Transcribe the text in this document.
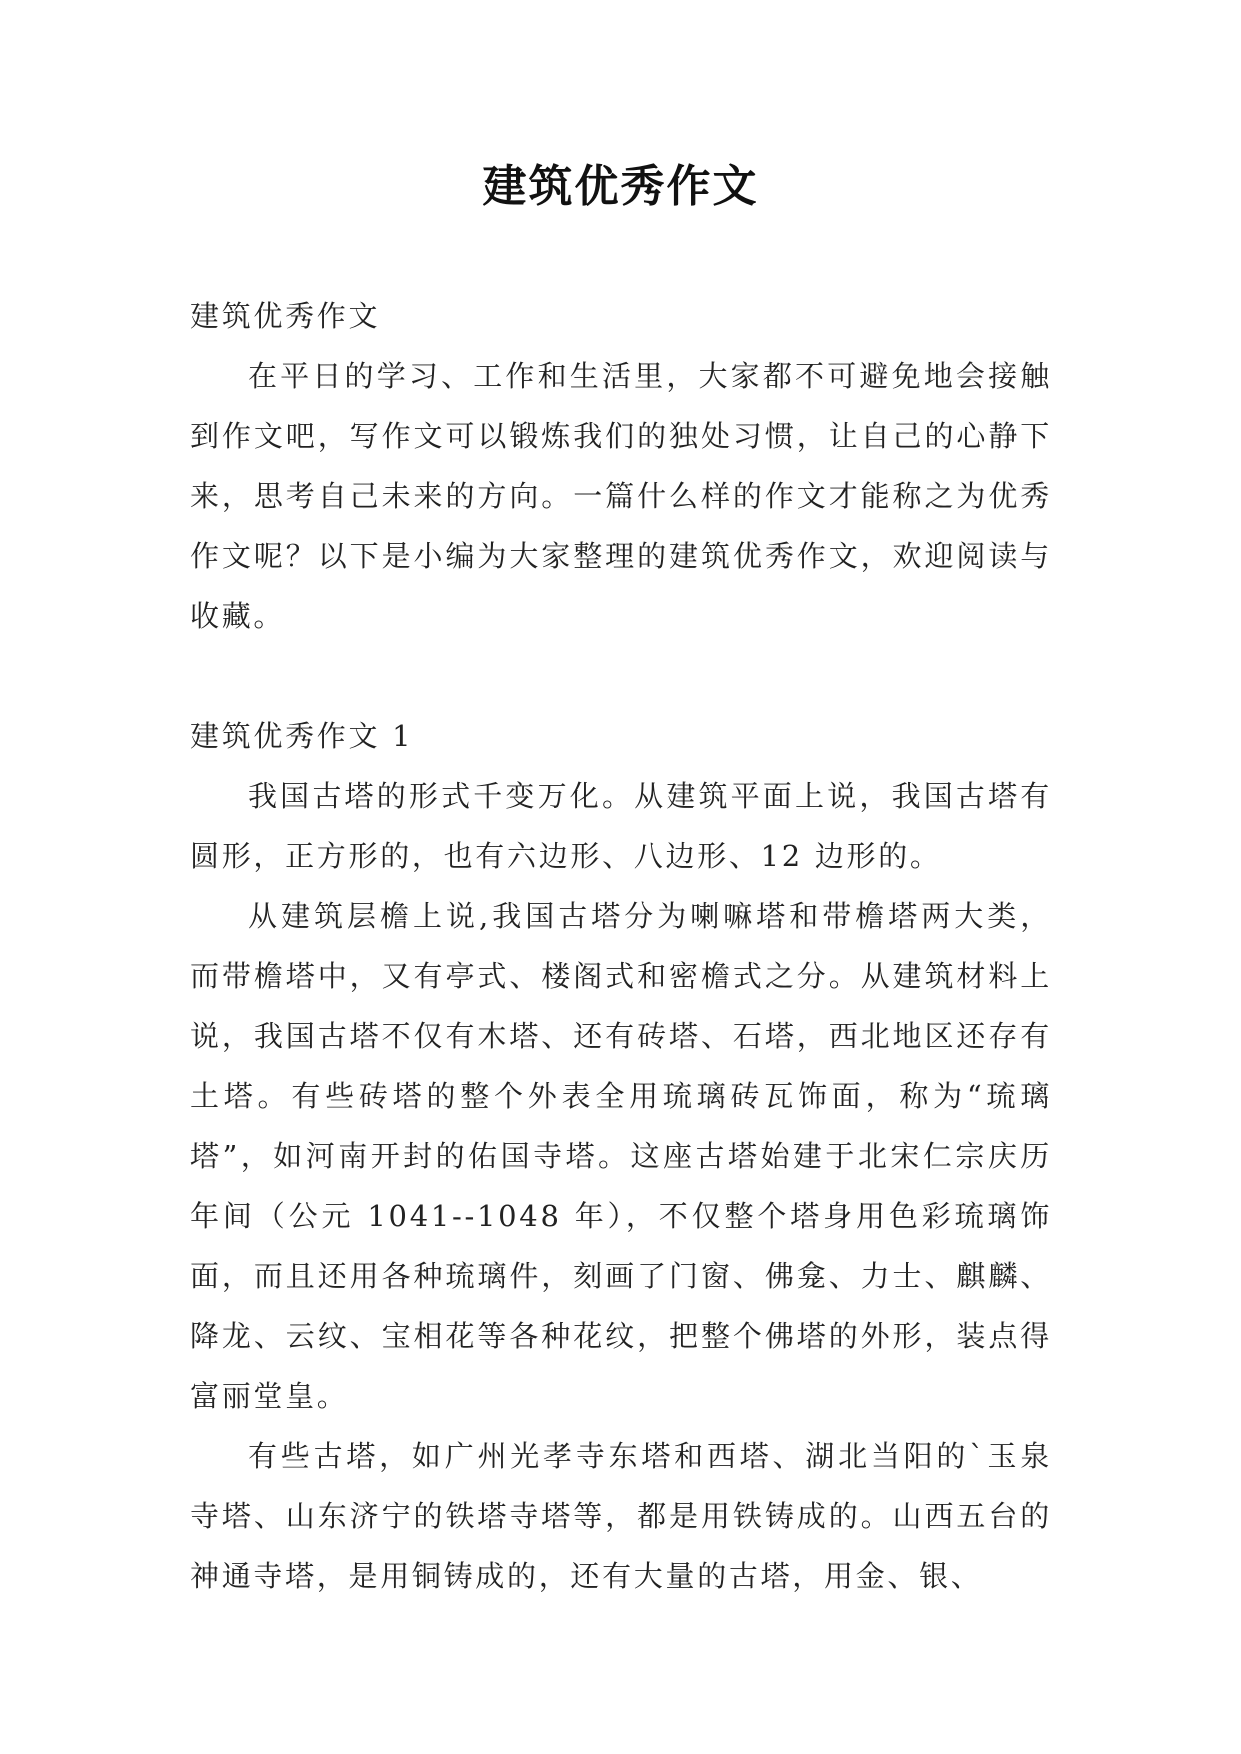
建筑优秀作文

建筑优秀作文

在平日的学习、工作和生活里，大家都不可避免地会接触到作文吧，写作文可以锻炼我们的独处习惯，让自己的心静下来，思考自己未来的方向。一篇什么样的作文才能称之为优秀作文呢？以下是小编为大家整理的建筑优秀作文，欢迎阅读与收藏。

建筑优秀作文 1

我国古塔的形式千变万化。从建筑平面上说，我国古塔有圆形，正方形的，也有六边形、八边形、12 边形的。

从建筑层檐上说,我国古塔分为喇嘛塔和带檐塔两大类，而带檐塔中，又有亭式、楼阁式和密檐式之分。从建筑材料上说，我国古塔不仅有木塔、还有砖塔、石塔，西北地区还存有土塔。有些砖塔的整个外表全用琉璃砖瓦饰面，称为“琉璃塔”，如河南开封的佑国寺塔。这座古塔始建于北宋仁宗庆历年间（公元 1041--1048 年），不仅整个塔身用色彩琉璃饰面，而且还用各种琉璃件，刻画了门窗、佛龛、力士、麒麟、降龙、云纹、宝相花等各种花纹，把整个佛塔的外形，装点得富丽堂皇。

有些古塔，如广州光孝寺东塔和西塔、湖北当阳的`玉泉寺塔、山东济宁的铁塔寺塔等，都是用铁铸成的。山西五台的神通寺塔，是用铜铸成的，还有大量的古塔，用金、银、
